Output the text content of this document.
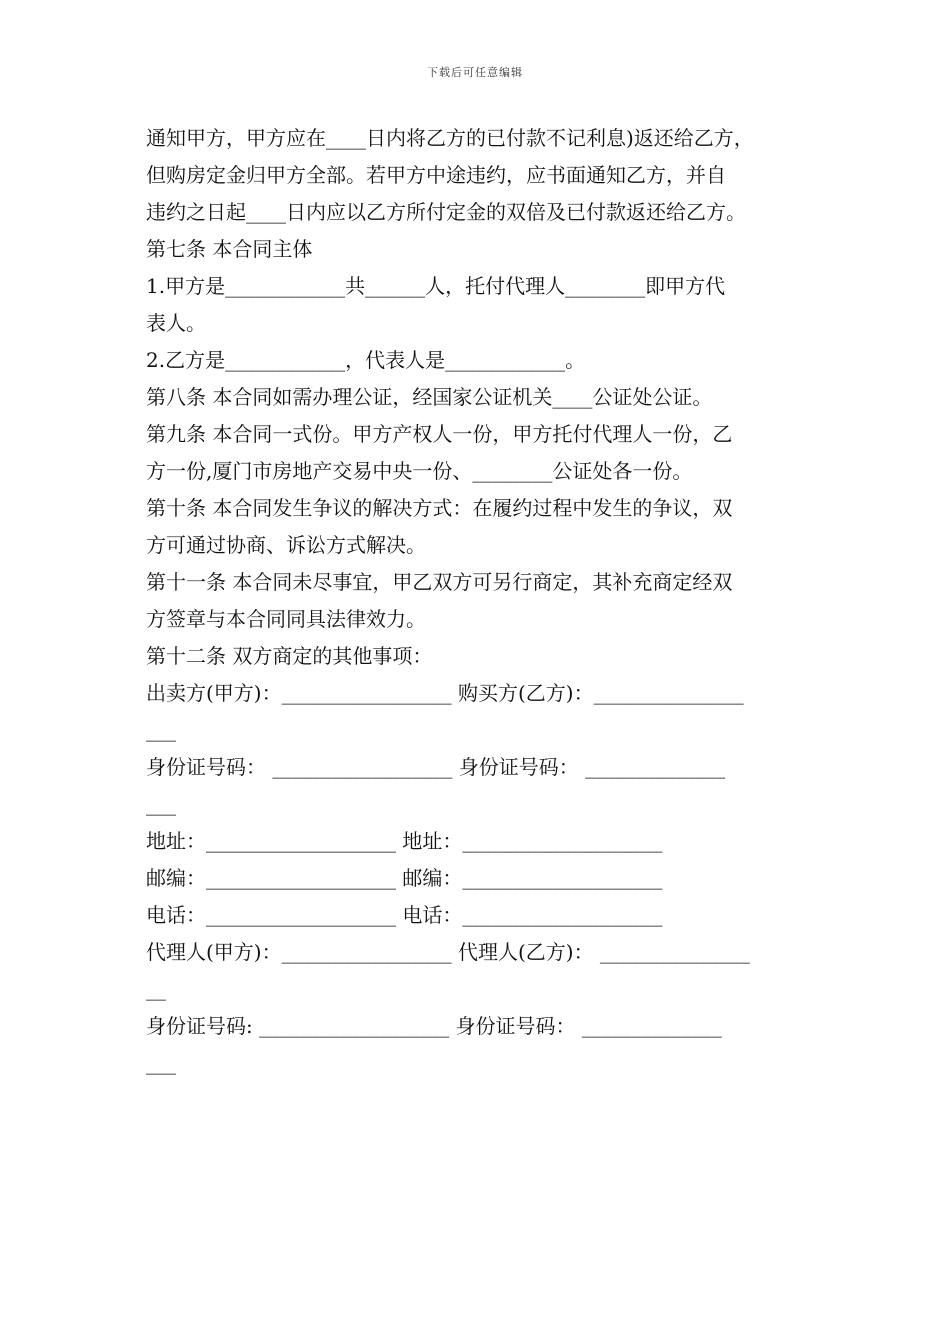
下载后可任意编辑
通知甲方，甲方应在____日内将乙方的已付款不记利息)返还给乙方，
但购房定金归甲方全部。若甲方中途违约，应书面通知乙方，并自
违约之日起____日内应以乙方所付定金的双倍及已付款返还给乙方。
第七条 本合同主体
1.甲方是____________共______人，托付代理人________即甲方代
表人。
2.乙方是____________，代表人是____________。
第八条 本合同如需办理公证，经国家公证机关____公证处公证。
第九条 本合同一式份。甲方产权人一份，甲方托付代理人一份，乙
方一份,厦门市房地产交易中央一份、________公证处各一份。
第十条 本合同发生争议的解决方式：在履约过程中发生的争议，双
方可通过协商、诉讼方式解决。
第十一条 本合同未尽事宜，甲乙双方可另行商定，其补充商定经双
方签章与本合同同具法律效力。
第十二条 双方商定的其他事项：
出卖方(甲方)：_________________ 购买方(乙方)：_______________
___
身份证号码： __________________ 身份证号码： ______________
___
地址：___________________ 地址：____________________
邮编：___________________ 邮编：____________________
电话：___________________ 电话：____________________
代理人(甲方)：_________________ 代理人(乙方)： _______________
__
身份证号码: ___________________ 身份证号码： ______________
___
